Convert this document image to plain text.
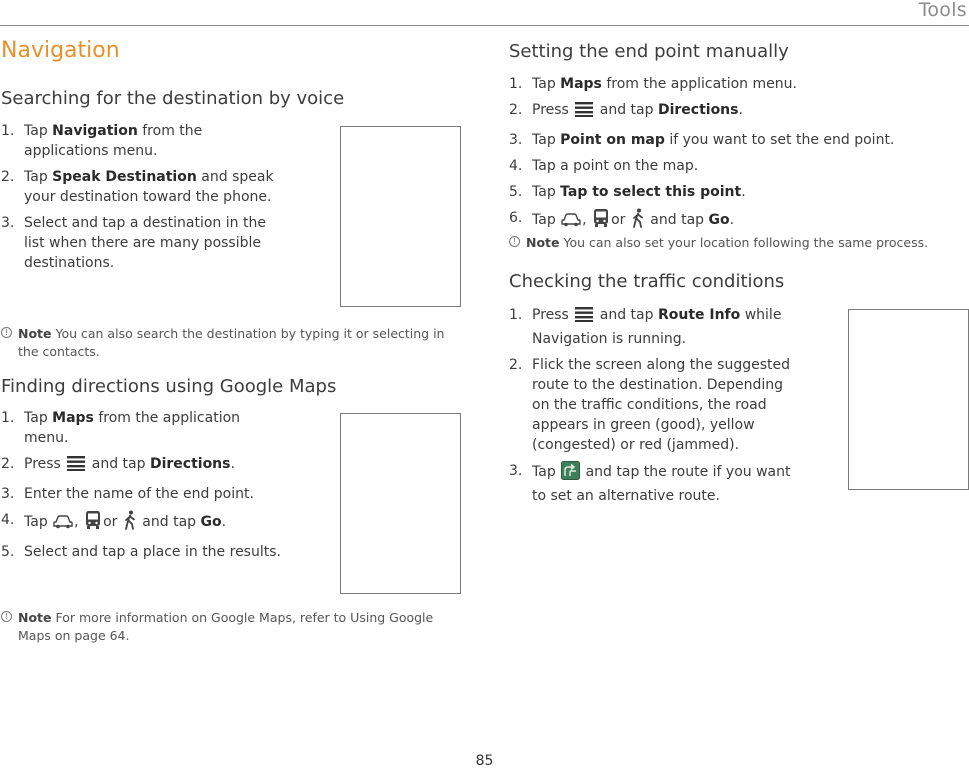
Tools
Navigation
Searching for the destination by voice
1. Tap Navigation from the applications menu.
2. Tap Speak Destination and speak your destination toward the phone.
3. Select and tap a destination in the list when there are many possible destinations.
! Note You can also search the destination by typing it or selecting in the contacts.
Finding directions using Google Maps
1. Tap Maps from the application menu.
2. Press  and tap Directions.
3. Enter the name of the end point.
4. Tap , or  and tap Go.
5. Select and tap a place in the results.
! Note For more information on Google Maps, refer to Using Google Maps on page 64.
Setting the end point manually
1. Tap Maps from the application menu.
2. Press  and tap Directions.
3. Tap Point on map if you want to set the end point.
4. Tap a point on the map.
5. Tap Tap to select this point.
6. Tap , or  and tap Go.
! Note You can also set your location following the same process.
Checking the traffic conditions
1. Press  and tap Route Info while Navigation is running.
2. Flick the screen along the suggested route to the destination. Depending on the traffic conditions, the road appears in green (good), yellow (congested) or red (jammed).
3. Tap  and tap the route if you want to set an alternative route.
85
